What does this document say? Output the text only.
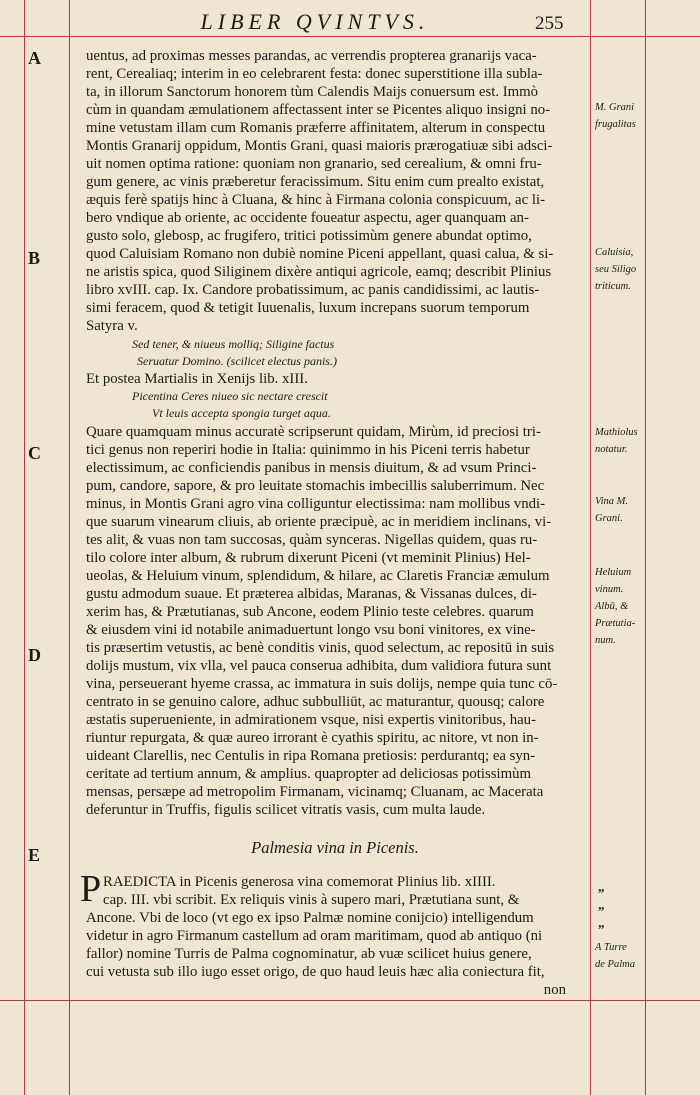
LIBER QVINTVS.	255
A
B
C
D
E
uentus, ad proximas messes parandas, ac verrendis propterea granarijs vaca-
rent, Cerealiaq; interim in eo celebrarent festa: donec superstitione illa subla-
ta, in illorum Sanctorum honorem tùm Calendis Maijs conuersum est. Immò
cùm in quandam æmulationem affectassent inter se Picentes aliquo insigni no-
mine vetustam illam cum Romanis præferre affinitatem, alterum in conspectu
Montis Granarij oppidum, Montis Grani, quasi maioris prærogatiuæ sibi adsci-
uit nomen optima ratione: quoniam non granario, sed cerealium, & omni fru-
gum genere, ac vinis præberetur feracissimum. Situ enim cum prealto existat,
æquis ferè spatijs hinc à Cluana, & hinc à Firmana colonia conspicuum, ac li-
bero vndique ab oriente, ac occidente foueatur aspectu, ager quanquam an-
gusto solo, glebosp, ac frugifero, tritici potissimùm genere abundat optimo,
quod Caluisiam Romano non dubiè nomine Piceni appellant, quasi calua, & si-
ne aristis spica, quod Siliginem dixère antiqui agricole, eamq; describit Plinius
libro xvIII. cap. Ix. Candore probatissimum, ac panis candidissimi, ac lautis-
simi feracem, quod & tetigit Iuuenalis, luxum increpans suorum temporum
Satyra v.
Sed tener, & niueus molliq; Siligine factus
Seruatur Domino. (scilicet electus panis.)
Et postea Martialis in Xenijs lib. xIII.
Picentina Ceres niueo sic nectare crescit
Vt leuis accepta spongia turget aqua.
Quare quamquam minus accuratè scripserunt quidam, Mirùm, id preciosi tri-
tici genus non reperiri hodie in Italia: quinimmo in his Piceni terris habetur
electissimum, ac conficiendis panibus in mensis diuitum, & ad vsum Princi-
pum, candore, sapore, & pro leuitate stomachis imbecillis saluberrimum. Nec
minus, in Montis Grani agro vina colliguntur electissima: nam mollibus vndi-
que suarum vinearum cliuis, ab oriente præcipuè, ac in meridiem inclinans, vi-
tes alit, & vuas non tam succosas, quàm synceras. Nigellas quidem, quas ru-
tilo colore inter album, & rubrum dixerunt Piceni (vt meminit Plinius) Hel-
ueolas, & Heluium vinum, splendidum, & hilare, ac Claretis Franciæ æmulum
gustu admodum suaue. Et præterea albidas, Maranas, & Vissanas dulces, di-
xerim has, & Prætutianas, sub Ancone, eodem Plinio teste celebres. quarum
& eiusdem vini id notabile animaduertunt longo vsu boni vinitores, ex vine-
tis præsertim vetustis, ac benè conditis vinis, quod selectum, ac repositū in suis
dolijs mustum, vix vlla, vel pauca conserua adhibita, dum validiora futura sunt
vina, perseuerant hyeme crassa, ac immatura in suis dolijs, nempe quia tunc cō-
centrato in se genuino calore, adhuc subbulliūt, ac maturantur, quousq; calore
æstatis superueniente, in admirationem vsque, nisi expertis vinitoribus, hau-
riuntur repurgata, & quæ aureo irrorant è cyathis spiritu, ac nitore, vt non in-
uideant Clarellis, nec Centulis in ripa Romana pretiosis: perdurantq; ea syn-
ceritate ad tertium annum, & amplius. quapropter ad deliciosas potissimùm
mensas, persæpe ad metropolim Firmanam, vicinamq; Cluanam, ac Macerata
deferuntur in Truffis, figulis scilicet vitratis vasis, cum multa laude.
Palmesia vina in Picenis.
P RAEDICTA in Picenis generosa vina comemorat Plinius lib. xIIII.
cap. III. vbi scribit. Ex reliquis vinis à supero mari, Prætutiana sunt, &
Ancone. Vbi de loco (vt ego ex ipso Palmæ nomine conijcio) intelligendum
videtur in agro Firmanum castellum ad oram maritimam, quod ab antiquo (ni
fallor) nomine Turris de Palma cognominatur, ab vuæ scilicet huius genere,
cui vetusta sub illo iugo esset origo, de quo haud leuis hæc alia coniectura fit,
non
M. Grani
frugalitas
Caluisia,
seu Siligo
triticum.
Mathiolus
notatur.
Vina M.
Grani.
Heluium
vinum.
Albū, &
Prætutia-
num.
„
„
„
A Turre
de Palma
